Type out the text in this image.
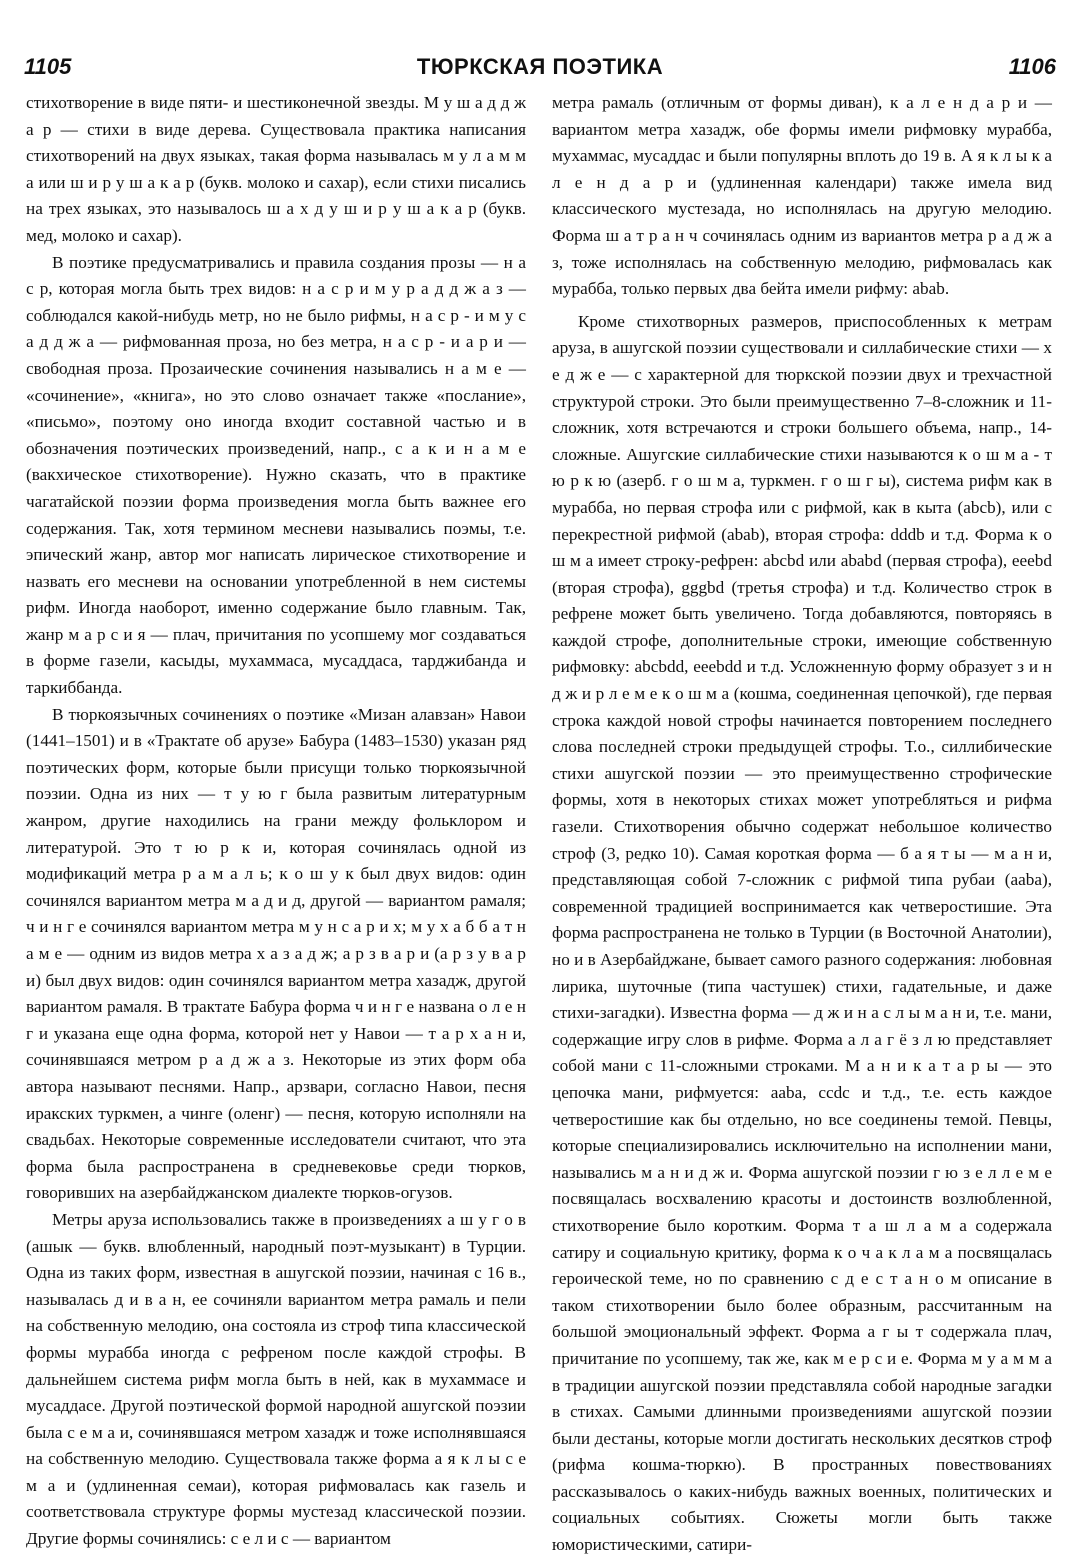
1105	ТЮРКСКАЯ ПОЭТИКА	1106

стихотворение в виде пяти- и шестиконечной звезды. М у ш а д д ж а р — стихи в виде дерева. Существовала практика написания стихотворений на двух языках, такая форма называлась м у л а м м а или ш и р у ш а к а р (букв. молоко и сахар), если стихи писались на трех языках, это называлось ш а х д у ш и р у ш а к а р (букв. мед, молоко и сахар).

В поэтике предусматривались и правила создания прозы — н а с р, которая могла быть трех видов: н а с р и м у р а д д ж а з — соблюдался какой-нибудь метр, но не было рифмы, н а с р - и м у с а д д ж а — рифмованная проза, но без метра, н а с р - и а р и — свободная проза. Прозаические сочинения назывались н а м е — «сочинение», «книга», но это слово означает также «послание», «письмо», поэтому оно иногда входит составной частью и в обозначения поэтических произведений, напр., с а к и н а м е (вакхическое стихотворение). Нужно сказать, что в практике чагатайской поэзии форма произведения могла быть важнее его содержания. Так, хотя термином месневи назывались поэмы, т.е. эпический жанр, автор мог написать лирическое стихотворение и назвать его месневи на основании употребленной в нем системы рифм. Иногда наоборот, именно содержание было главным. Так, жанр м а р с и я — плач, причитания по усопшему мог создаваться в форме газели, касыды, мухаммаса, мусаддаса, тарджибанда и таркиббанда.

В тюркоязычных сочинениях о поэтике «Мизан алавзан» Навои (1441–1501) и в «Трактате об арузе» Бабура (1483–1530) указан ряд поэтических форм, которые были присущи только тюркоязычной поэзии. Одна из них — т у ю г была развитым литературным жанром, другие находились на грани между фольклором и литературой. Это т ю р к и, которая сочинялась одной из модификаций метра р а м а л ь; к о ш у к был двух видов: один сочинялся вариантом метра м а д и д, другой — вариантом рамаля; ч и н г е сочинялся вариантом метра м у н с а р и х; м у х а б б а т н а м е — одним из видов метра х а з а д ж; а р з в а р и (а р з у в а р и) был двух видов: один сочинялся вариантом метра хазадж, другой вариантом рамаля. В трактате Бабура форма ч и н г е названа о л е н г и указана еще одна форма, которой нет у Навои — т а р х а н и, сочинявшаяся метром р а д ж а з. Некоторые из этих форм оба автора называют песнями. Напр., арзвари, согласно Навои, песня иракских туркмен, а чинге (оленг) — песня, которую исполняли на свадьбах. Некоторые современные исследователи считают, что эта форма была распространена в средневековье среди тюрков, говоривших на азербайджанском диалекте тюрков-огузов.

Метры аруза использовались также в произведениях а ш у г о в (ашык — букв. влюбленный, народный поэт-музыкант) в Турции. Одна из таких форм, известная в ашугской поэзии, начиная с 16 в., называлась д и в а н, ее сочиняли вариантом метра рамаль и пели на собственную мелодию, она состояла из строф типа классической формы мурабба иногда с рефреном после каждой строфы. В дальнейшем система рифм могла быть в ней, как в мухаммасе и мусаддасе. Другой поэтической формой народной ашугской поэзии была с е м а и, сочинявшаяся метром хазадж и тоже исполнявшаяся на собственную мелодию. Существовала также форма а я к л ы с е м а и (удлиненная семаи), которая рифмовалась как газель и соответствовала структуре формы мустезад классической поэзии. Другие формы сочинялись: с е л и с — вариантом

метра рамаль (отличным от формы диван), к а л е н д а р и — вариантом метра хазадж, обе формы имели рифмовку мурабба, мухаммас, мусаддас и были популярны вплоть до 19 в. А я к л ы к а л е н д а р и (удлиненная календари) также имела вид классического мустезада, но исполнялась на другую мелодию. Форма ш а т р а н ч сочинялась одним из вариантов метра р а д ж а з, тоже исполнялась на собственную мелодию, рифмовалась как мурабба, только первых два бейта имели рифму: abab.

Кроме стихотворных размеров, приспособленных к метрам аруза, в ашугской поэзии существовали и силлабические стихи — х е д ж е — с характерной для тюркской поэзии двух и трехчастной структурой строки. Это были преимущественно 7–8-сложник и 11-сложник, хотя встречаются и строки большего объема, напр., 14-сложные. Ашугские силлабические стихи называются к о ш м а - т ю р к ю (азерб. г о ш м а, туркмен. г о ш г ы), система рифм как в мурабба, но первая строфа или с рифмой, как в кыта (abcb), или с перекрестной рифмой (abab), вторая строфа: dddb и т.д. Форма к о ш м а имеет строку-рефрен: abcbd или ababd (первая строфа), eeebd (вторая строфа), gggbd (третья строфа) и т.д. Количество строк в рефрене может быть увеличено. Тогда добавляются, повторяясь в каждой строфе, дополнительные строки, имеющие собственную рифмовку: abcbdd, eeebdd и т.д. Усложненную форму образует з и н д ж и р л е м е к о ш м а (кошма, соединенная цепочкой), где первая строка каждой новой строфы начинается повторением последнего слова последней строки предыдущей строфы. Т.о., силлибические стихи ашугской поэзии — это преимущественно строфические формы, хотя в некоторых стихах может употребляться и рифма газели. Стихотворения обычно содержат небольшое количество строф (3, редко 10). Самая короткая форма — б а я т ы — м а н и, представляющая собой 7-сложник с рифмой типа рубаи (aaba), современной традицией воспринимается как четверостишие. Эта форма распространена не только в Турции (в Восточной Анатолии), но и в Азербайджане, бывает самого разного содержания: любовная лирика, шуточные (типа частушек) стихи, гадательные, и даже стихи-загадки). Известна форма — д ж и н а с л ы м а н и, т.е. мани, содержащие игру слов в рифме. Форма а л а г ё з л ю представляет собой мани с 11-сложными строками. М а н и к а т а р ы — это цепочка мани, рифмуется: aaba, ccdc и т.д., т.е. есть каждое четверостишие как бы отдельно, но все соединены темой. Певцы, которые специализировались исключительно на исполнении мани, назывались м а н и д ж и. Форма ашугской поэзии г ю з е л л е м е посвящалась восхвалению красоты и достоинств возлюбленной, стихотворение было коротким. Форма т а ш л а м а содержала сатиру и социальную критику, форма к о ч а к л а м а посвящалась героической теме, но по сравнению с д е с т а н о м описание в таком стихотворении было более образным, рассчитанным на большой эмоциональный эффект. Форма а г ы т содержала плач, причитание по усопшему, так же, как м е р с и е. Форма м у а м м а в традиции ашугской поэзии представляла собой народные загадки в стихах. Самыми длинными произведениями ашугской поэзии были дестаны, которые могли достигать нескольких десятков строф (рифма кошма-тюркю). В пространных повествованиях рассказывалось о каких-нибудь важных военных, политических и социальных событиях. Сюжеты могли быть также юмористическими, сатири-
